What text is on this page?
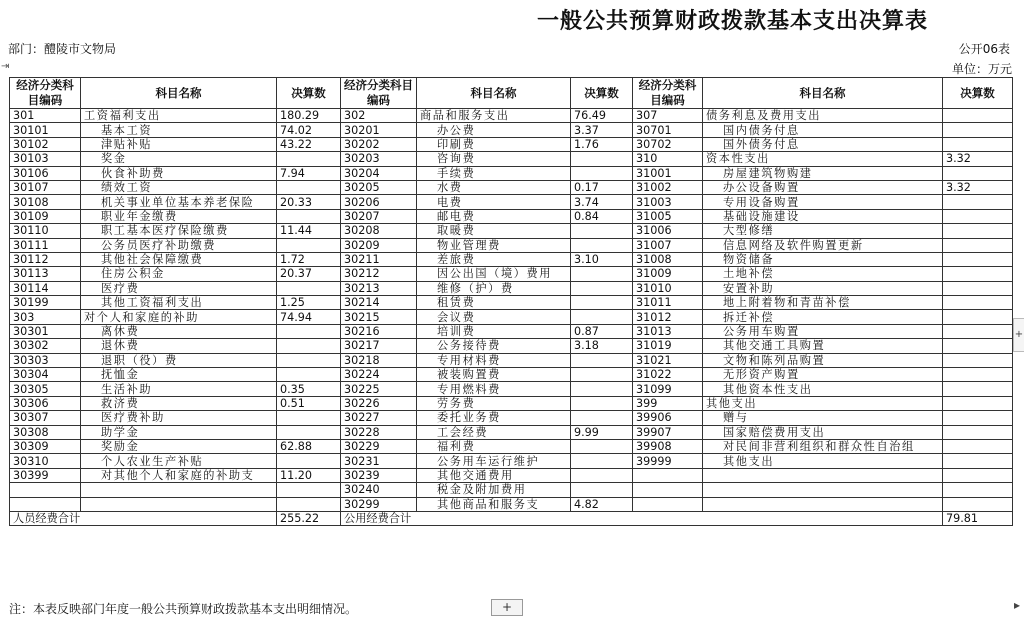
一般公共预算财政拨款基本支出决算表
部门：醴陵市文物局	公开06表
单位：万元
⇥
+
经济分类科目编码	科目名称	决算数	经济分类科目编码	科目名称	决算数	经济分类科目编码	科目名称	决算数
301	工资福利支出	180.29	302	商品和服务支出	76.49	307	债务利息及费用支出	
30101	基本工资	74.02	30201	办公费	3.37	30701	国内债务付息	
30102	津贴补贴	43.22	30202	印刷费	1.76	30702	国外债务付息	
30103	奖金		30203	咨询费		310	资本性支出	3.32
30106	伙食补助费	7.94	30204	手续费		31001	房屋建筑物购建	
30107	绩效工资		30205	水费	0.17	31002	办公设备购置	3.32
30108	机关事业单位基本养老保险	20.33	30206	电费	3.74	31003	专用设备购置	
30109	职业年金缴费		30207	邮电费	0.84	31005	基础设施建设	
30110	职工基本医疗保险缴费	11.44	30208	取暖费		31006	大型修缮	
30111	公务员医疗补助缴费		30209	物业管理费		31007	信息网络及软件购置更新	
30112	其他社会保障缴费	1.72	30211	差旅费	3.10	31008	物资储备	
30113	住房公积金	20.37	30212	因公出国（境）费用		31009	土地补偿	
30114	医疗费		30213	维修（护）费		31010	安置补助	
30199	其他工资福利支出	1.25	30214	租赁费		31011	地上附着物和青苗补偿	
303	对个人和家庭的补助	74.94	30215	会议费		31012	拆迁补偿	
30301	离休费		30216	培训费	0.87	31013	公务用车购置	
30302	退休费		30217	公务接待费	3.18	31019	其他交通工具购置	
30303	退职（役）费		30218	专用材料费		31021	文物和陈列品购置	
30304	抚恤金		30224	被装购置费		31022	无形资产购置	
30305	生活补助	0.35	30225	专用燃料费		31099	其他资本性支出	
30306	救济费	0.51	30226	劳务费		399	其他支出	
30307	医疗费补助		30227	委托业务费		39906	赠与	
30308	助学金		30228	工会经费	9.99	39907	国家赔偿费用支出	
30309	奖励金	62.88	30229	福利费		39908	对民间非营利组织和群众性自治组	
30310	个人农业生产补贴		30231	公务用车运行维护		39999	其他支出	
30399	对其他个人和家庭的补助支	11.20	30239	其他交通费用				
			30240	税金及附加费用				
			30299	其他商品和服务支	4.82			
人员经费合计		255.22	公用经费合计					79.81
注：本表反映部门年度一般公共预算财政拨款基本支出明细情况。	+	▸
